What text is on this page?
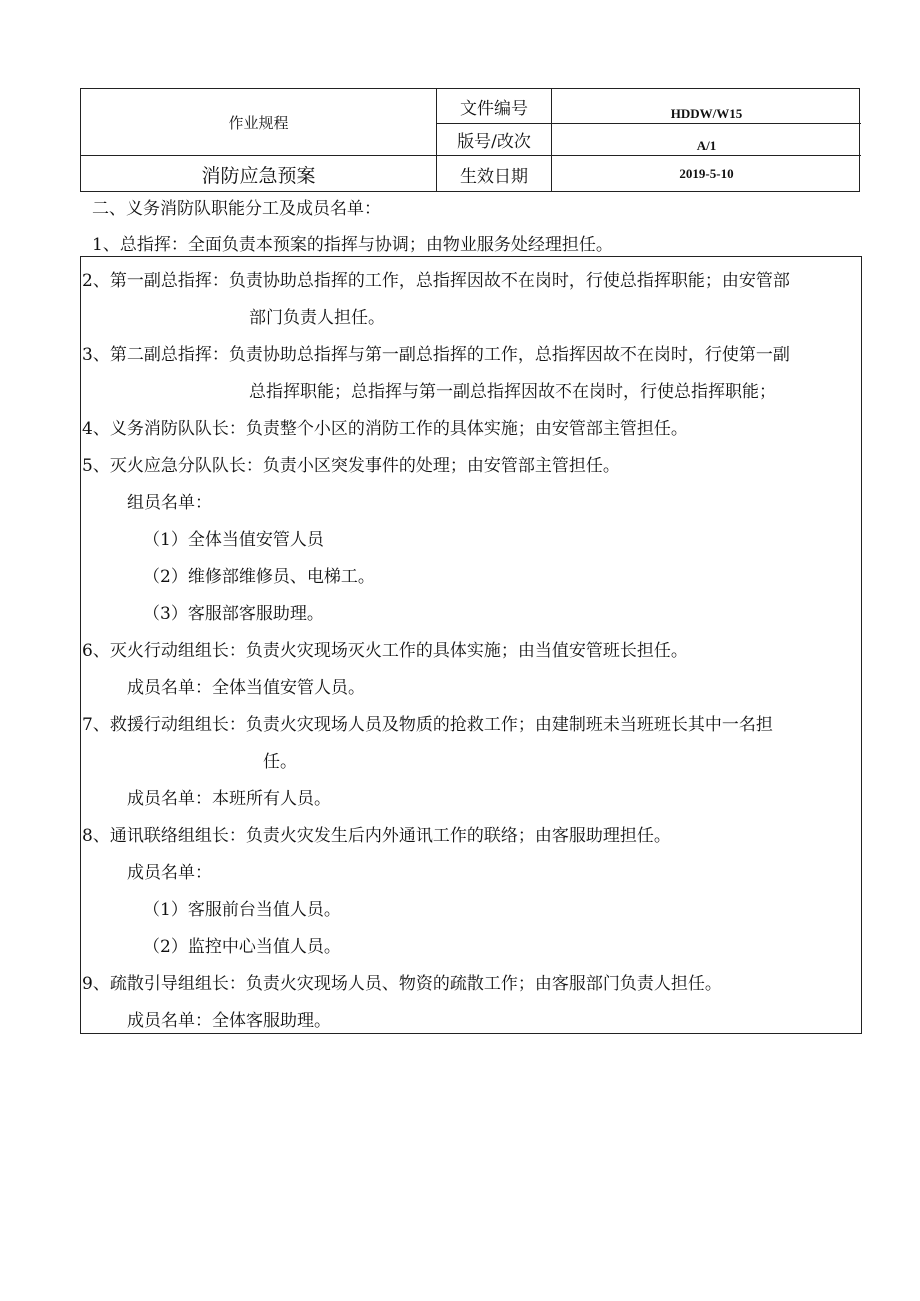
作业规程
消防应急预案
文件编号	HDDW/W15
版号/改次	A/1
生效日期	2019-5-10
二、义务消防队职能分工及成员名单：
1、总指挥：全面负责本预案的指挥与协调；由物业服务处经理担任。
2、第一副总指挥：负责协助总指挥的工作，总指挥因故不在岗时，行使总指挥职能；由安管部
部门负责人担任。
3、第二副总指挥：负责协助总指挥与第一副总指挥的工作，总指挥因故不在岗时，行使第一副
总指挥职能；总指挥与第一副总指挥因故不在岗时，行使总指挥职能；
4、义务消防队队长：负责整个小区的消防工作的具体实施；由安管部主管担任。
5、灭火应急分队队长：负责小区突发事件的处理；由安管部主管担任。
组员名单：
（1）全体当值安管人员
（2）维修部维修员、电梯工。
（3）客服部客服助理。
6、灭火行动组组长：负责火灾现场灭火工作的具体实施；由当值安管班长担任。
成员名单：全体当值安管人员。
7、救援行动组组长：负责火灾现场人员及物质的抢救工作；由建制班未当班班长其中一名担
任。
成员名单：本班所有人员。
8、通讯联络组组长：负责火灾发生后内外通讯工作的联络；由客服助理担任。
成员名单：
（1）客服前台当值人员。
（2）监控中心当值人员。
9、疏散引导组组长：负责火灾现场人员、物资的疏散工作；由客服部门负责人担任。
成员名单：全体客服助理。
